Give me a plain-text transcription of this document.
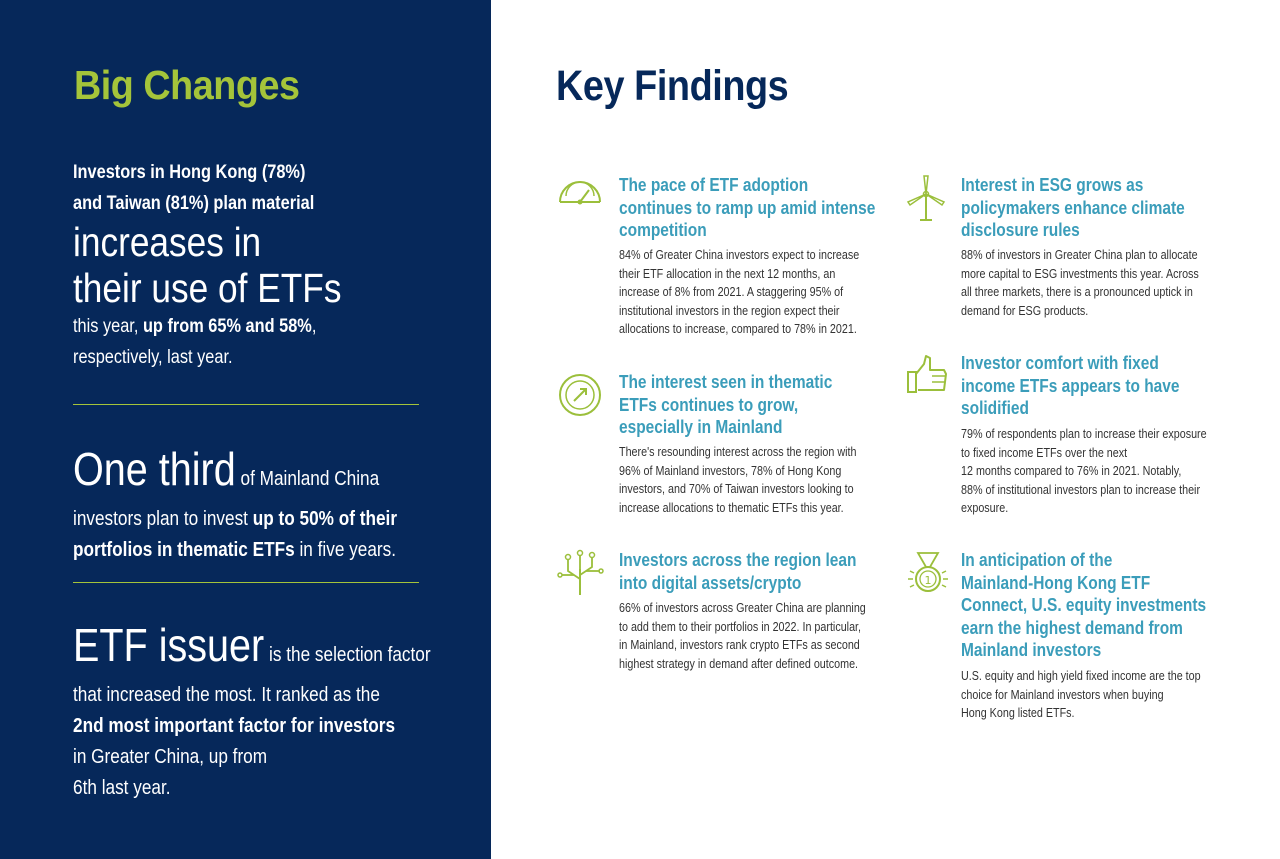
Big Changes
Investors in Hong Kong (78%)
and Taiwan (81%) plan material
increases in
their use of ETFs
this year, up from 65% and 58%,
respectively, last year.
One third of Mainland China
investors plan to invest up to 50% of their
portfolios in thematic ETFs in five years.
ETF issuer is the selection factor
that increased the most. It ranked as the
2nd most important factor for investors
in Greater China, up from
6th last year.
Key Findings
The pace of ETF adoption
continues to ramp up amid intense
competition
84% of Greater China investors expect to increase
their ETF allocation in the next 12 months, an
increase of 8% from 2021. A staggering 95% of
institutional investors in the region expect their
allocations to increase, compared to 78% in 2021.
Interest in ESG grows as
policymakers enhance climate
disclosure rules
88% of investors in Greater China plan to allocate
more capital to ESG investments this year. Across
all three markets, there is a pronounced uptick in
demand for ESG products.
The interest seen in thematic
ETFs continues to grow,
especially in Mainland
There's resounding interest across the region with
96% of Mainland investors, 78% of Hong Kong
investors, and 70% of Taiwan investors looking to
increase allocations to thematic ETFs this year.
Investor comfort with fixed
income ETFs appears to have
solidified
79% of respondents plan to increase their exposure
to fixed income ETFs over the next
12 months compared to 76% in 2021. Notably,
88% of institutional investors plan to increase their
exposure.
Investors across the region lean
into digital assets/crypto
66% of investors across Greater China are planning
to add them to their portfolios in 2022. In particular,
in Mainland, investors rank crypto ETFs as second
highest strategy in demand after defined outcome.
1
In anticipation of the
Mainland-Hong Kong ETF
Connect, U.S. equity investments
earn the highest demand from
Mainland investors
U.S. equity and high yield fixed income are the top
choice for Mainland investors when buying
Hong Kong listed ETFs.
